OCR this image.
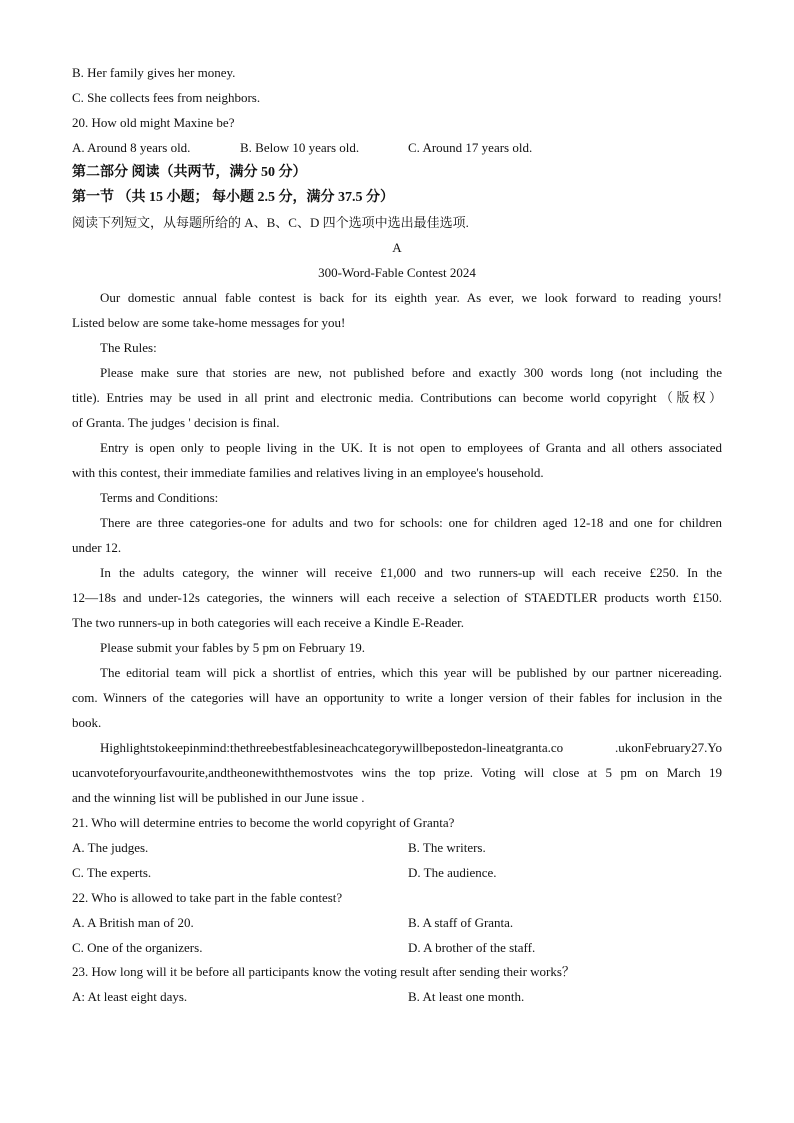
B. Her family gives her money.
C. She collects fees from neighbors.
20. How old might Maxine be?
A. Around 8 years old.	B. Below 10 years old.	C. Around 17 years old.
第二部分 阅读（共两节，满分 50 分）
第一节 （共 15 小题； 每小题 2.5 分，满分 37.5 分）
阅读下列短文，从每题所给的 A、B、C、D 四个选项中选出最佳选项.
A
300-Word-Fable Contest 2024
Our domestic annual fable contest is back for its eighth year. As ever, we look forward to reading yours!
Listed below are some take-home messages for you!
The Rules:
Please make sure that stories are new, not published before and exactly 300 words long (not including the
title). Entries may be used in all print and electronic media. Contributions can become world copyright（版权）
of Granta. The judges ' decision is final.
Entry is open only to people living in the UK. It is not open to employees of Granta and all others associated
with this contest, their immediate families and relatives living in an employee's household.
Terms and Conditions:
There are three categories-one for adults and two for schools: one for children aged 12-18 and one for children
under 12.
In the adults category, the winner will receive £1,000 and two runners-up will each receive £250. In the
12—18s and under-12s categories, the winners will each receive a selection of STAEDTLER products worth £150.
The two runners-up in both categories will each receive a Kindle E-Reader.
Please submit your fables by 5 pm on February 19.
The editorial team will pick a shortlist of entries, which this year will be published by our partner nicereading.
com. Winners of the categories will have an opportunity to write a longer version of their fables for inclusion in the
book.
Highlightstokeepinmind:thethreebestfablesineachcategorywillbepostedon-lineatgranta.co .ukonFebruary27.Yo
ucanvoteforyourfavourite,andtheonewiththemostvotes wins the top prize. Voting will close at 5 pm on March 19
and the winning list will be published in our June issue .
21. Who will determine entries to become the world copyright of Granta?
A. The judges.	B. The writers.
C. The experts.	D. The audience.
22. Who is allowed to take part in the fable contest?
A. A British man of 20.	B. A staff of Granta.
C. One of the organizers.	D. A brother of the staff.
23. How long will it be before all participants know the voting result after sending their works？
A: At least eight days.	B. At least one month.
